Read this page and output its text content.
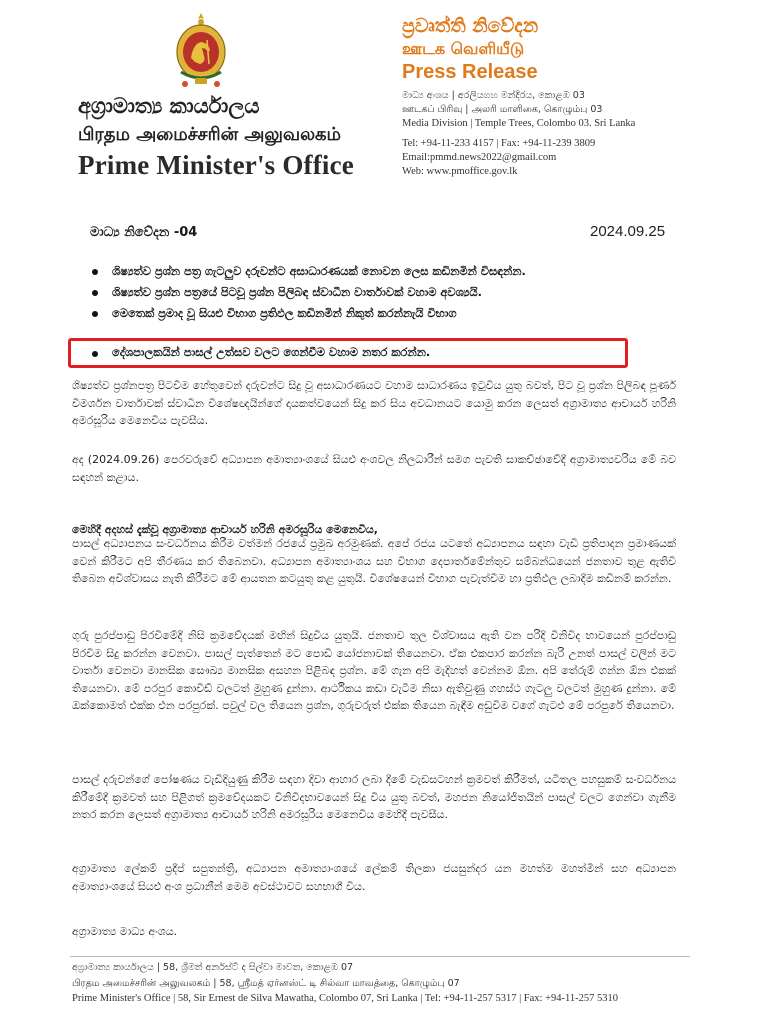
අග්‍රාමාත්‍ය කාර්යාලය
பிரதம அமைச்சரின் அலுவலகம்
Prime Minister's Office
ප්‍රවෘත්ති නිවේදන
ஊடக வெளியீடு
Press Release
මාධ්‍ය අංශය | අරලියගහ මන්දිරය, කොළඹ 03
ஊடகப் பிரிவு | அலரி மாளிகை, கொழும்பு 03
Media Division | Temple Trees, Colombo 03. Sri Lanka
Tel: +94-11-233 4157 | Fax: +94-11-239 3809
Email:pmmd.news2022@gmail.com
Web: www.pmoffice.gov.lk
මාධ්‍ය නිවේදන -04	2024.09.25
ශිෂ්‍යත්ව ප්‍රශ්න පත්‍ර ගැටලුව දරුවන්ට අසාධාරණයක් නොවන ලෙස කඩිනමින් විසඳන්න.
ශිෂ්‍යත්ව ප්‍රශ්න පත්‍රයේ පිටවූ ප්‍රශ්න පිලිබඳ ස්වාධීන වාර්තාවක් වහාම අවශ්‍යයි.
මෙතෙක් ප්‍රමාද වූ සියළු විභාග ප්‍රතිඵල කඩිනමින් නිකුත් කරන්නැයි විභාග
දේශපාලකයින් පාසල් උත්සව වලට ගෙන්වීම වහාම නතර කරන්න.
ශිෂ්‍යත්ව ප්‍රශ්නපත්‍ර පිටවීම හේතුවෙන් දරුවන්ට සිදු වූ අසාධාරණයට වහාම සාධාරණය ඉටුවිය යුතු බවත්, පිට වූ ප්‍රශ්න පිලිබඳ පූර්ණ විමර්ශන වාර්තාවක් ස්වාධීන විශේෂඥයින්ගේ දායකත්වයෙන් සිදු කර සිය අවධානයට යොමු කරන ලෙසත් අග්‍රාමාත්‍ය ආචාර්ය හරිනි අමරසූරිය මෙනෙවිය පැවසීය.
අද (2024.09.26) පෙරවරුවේ අධ්‍යාපන අමාත්‍යාංශයේ සියළු අංශවල නිලධාරීන් සමග පැවති සාකච්ඡාවේදී අග්‍රාමාත්‍යවරිය මේ බව සඳහන් කළාය.
මෙහිදී අදහස් දැක්වූ අග්‍රාමාත්‍ය ආචාර්ය හරිනි අමරසූරිය මෙනෙවිය,
පාසල් අධ්‍යාපනය සංවර්ධනය කිරීම වත්මන් රජයේ ප්‍රමුඛ අරමුණක්. අපේ රජය යටතේ අධ්‍යාපනය සඳහා වැඩි ප්‍රතිපාදන ප්‍රමාණයක් වෙන් කිරීමට අපි තීරණය කර තිබෙනවා. අධ්‍යාපන අමාත්‍යාංශය සහ විභාග දෙපාර්තමේන්තුව සම්බන්ධයෙන් ජනතාව තුළ ඇතිවී තිබෙන අවිශ්වාසය නැති කිරීමට මේ ආයතන කටයුතු කළ යුතුයි. විශේෂයෙන් විභාග පැවැත්වීම හා ප්‍රතිඵල ලබාදීම කඩිනම් කරන්න.
ගුරු පුරප්පාඩු පිරවීමේදී නිසි ක්‍රමවේදයක් මඟින් සිදුවිය යුතුයි. ජනතාව තුල විශ්වාසය ඇති වන පරිදි විනිවිද භාවයෙන් පුරප්පාඩු පිරවීම සිදු කරන්න වෙනවා. පාසල් පැත්තෙන් මට පොඩි යෝජනාවක් තියෙනවා. ඒක එකපාර කරන්න බැරි උනත් පාසල් වලින් මට වාර්තා වෙනවා මානසික සෞඛ්‍ය මානසික අසහන පිළිබඳ ප්‍රශ්න. මේ ගැන අපි මැදිහත් වෙන්නම ඕන. අපි තේරුම් ගන්න ඕන එකක් තියෙනවා. මේ පරපුර කොවිඩ් වලටත් මුහුණ දුන්නා. ආර්ථිකය කඩා වැටීම නිසා ඇතිවුණු ගහස්ථ ගැටලු වලටත් මුහුණ දුන්නා. මේ ඔක්කොමත් එක්ක එන පරපුරක්. පවුල් වල තියෙන ප්‍රශ්න, ගුරුවරුත් එක්ක තියෙන බැඳීම අඩුවීම වගේ ගැටළු මේ පරපුරේ තියෙනවා.
පාසල් දරුවන්ගේ පෝෂණය වැඩිදියුණු කිරීම සඳහා දිවා ආහාර ලබා දීමේ වැඩසටහන් ක්‍රමවත් කිරීමත්, යටිතල පහසුකම් සංවර්ධනය කිරීමේදී ක්‍රමවත් සහ පිළිගත් ක්‍රමවේදයකට විනිවිදභාවයෙන් සිදු විය යුතු බවත්, මහජන නියෝජිතයින් පාසල් වලට ගෙන්වා ගැනීම නතර කරන ලෙසත් අග්‍රාමාත්‍ය ආචාර්ය හරිනි අමරසූරිය මෙනෙවිය මෙහිදී පැවසීය.
අග්‍රාමාත්‍ය ලේකම් ප්‍රදීප් සපුතන්ත්‍රි, අධ්‍යාපන අමාත්‍යාංශයේ ලේකම් තිලකා ජයසුන්දර යන මහත්ම මහත්මීන් සහ අධ්‍යාපන අමාත්‍යාංශයේ සියළු අංශ ප්‍රධානීන් මෙම අවස්ථාවට සහභාගී විය.
අග්‍රාමාත්‍ය මාධ්‍ය අංශය.
අග්‍රාමාත්‍ය කාර්යාලය | 58, ශ්‍රීමත් අර්නස්ට් ද සිල්වා මාවත, කොළඹ 07
பிரதம அமைச்சரின் அலுவலகம் | 58, ஸ்ரீமத் ஏர்னஸ்ட் டி சில்வா மாவத்தை, கொழும்பு 07
Prime Minister's Office | 58, Sir Ernest de Silva Mawatha, Colombo 07, Sri Lanka | Tel: +94-11-257 5317 | Fax: +94-11-257 5310
